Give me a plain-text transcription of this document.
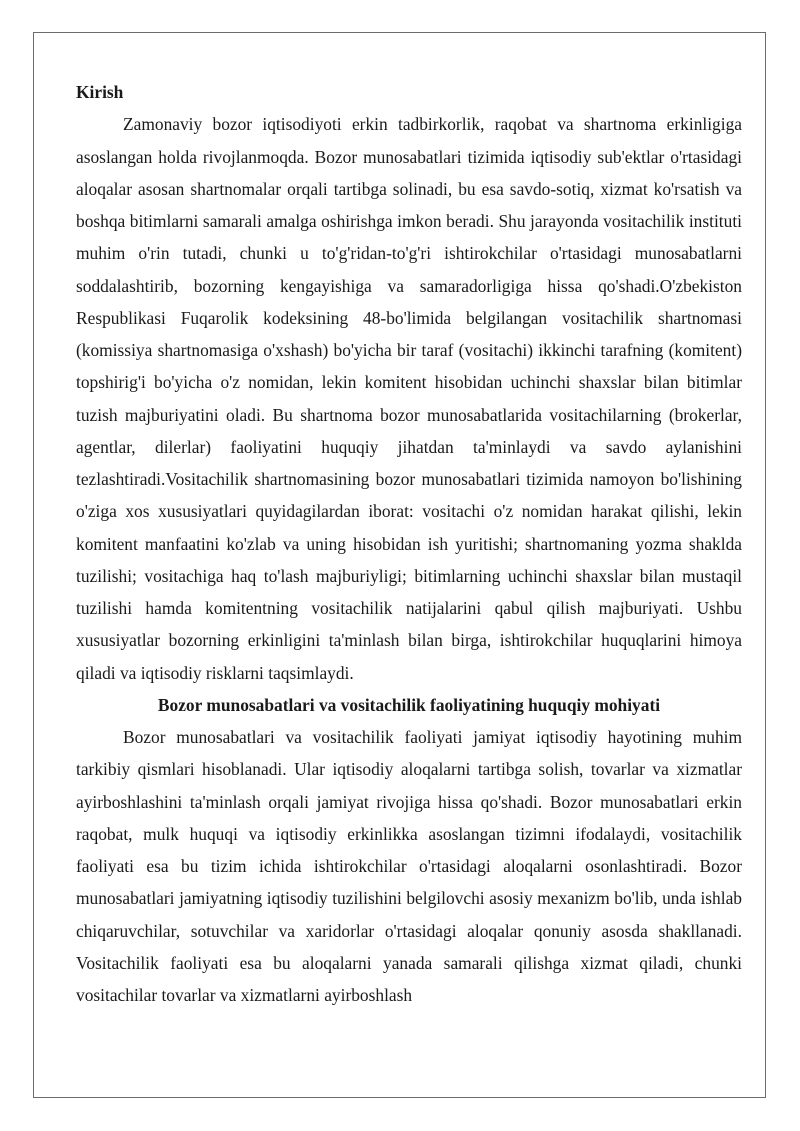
Kirish

Zamonaviy bozor iqtisodiyoti erkin tadbirkorlik, raqobat va shartnoma erkinligiga asoslangan holda rivojlanmoqda. Bozor munosabatlari tizimida iqtisodiy sub'ektlar o'rtasidagi aloqalar asosan shartnomalar orqali tartibga solinadi, bu esa savdo-sotiq, xizmat ko'rsatish va boshqa bitimlarni samarali amalga oshirishga imkon beradi. Shu jarayonda vositachilik instituti muhim o'rin tutadi, chunki u to'g'ridan-to'g'ri ishtirokchilar o'rtasidagi munosabatlarni soddalashtirib, bozorning kengayishiga va samaradorligiga hissa qo'shadi.O'zbekiston Respublikasi Fuqarolik kodeksining 48-bo'limida belgilangan vositachilik shartnomasi (komissiya shartnomasiga o'xshash) bo'yicha bir taraf (vositachi) ikkinchi tarafning (komitent) topshirig'i bo'yicha o'z nomidan, lekin komitent hisobidan uchinchi shaxslar bilan bitimlar tuzish majburiyatini oladi. Bu shartnoma bozor munosabatlarida vositachilarning (brokerlar, agentlar, dilerlar) faoliyatini huquqiy jihatdan ta'minlaydi va savdo aylanishini tezlashtiradi.Vositachilik shartnomasining bozor munosabatlari tizimida namoyon bo'lishining o'ziga xos xususiyatlari quyidagilardan iborat: vositachi o'z nomidan harakat qilishi, lekin komitent manfaatini ko'zlab va uning hisobidan ish yuritishi; shartnomaning yozma shaklda tuzilishi; vositachiga haq to'lash majburiyligi; bitimlarning uchinchi shaxslar bilan mustaqil tuzilishi hamda komitentning vositachilik natijalarini qabul qilish majburiyati. Ushbu xususiyatlar bozorning erkinligini ta'minlash bilan birga, ishtirokchilar huquqlarini himoya qiladi va iqtisodiy risklarni taqsimlaydi.

Bozor munosabatlari va vositachilik faoliyatining huquqiy mohiyati

Bozor munosabatlari va vositachilik faoliyati jamiyat iqtisodiy hayotining muhim tarkibiy qismlari hisoblanadi. Ular iqtisodiy aloqalarni tartibga solish, tovarlar va xizmatlar ayirboshlashini ta'minlash orqali jamiyat rivojiga hissa qo'shadi. Bozor munosabatlari erkin raqobat, mulk huquqi va iqtisodiy erkinlikka asoslangan tizimni ifodalaydi, vositachilik faoliyati esa bu tizim ichida ishtirokchilar o'rtasidagi aloqalarni osonlashtiradi. Bozor munosabatlari jamiyatning iqtisodiy tuzilishini belgilovchi asosiy mexanizm bo'lib, unda ishlab chiqaruvchilar, sotuvchilar va xaridorlar o'rtasidagi aloqalar qonuniy asosda shakllanadi. Vositachilik faoliyati esa bu aloqalarni yanada samarali qilishga xizmat qiladi, chunki vositachilar tovarlar va xizmatlarni ayirboshlash
